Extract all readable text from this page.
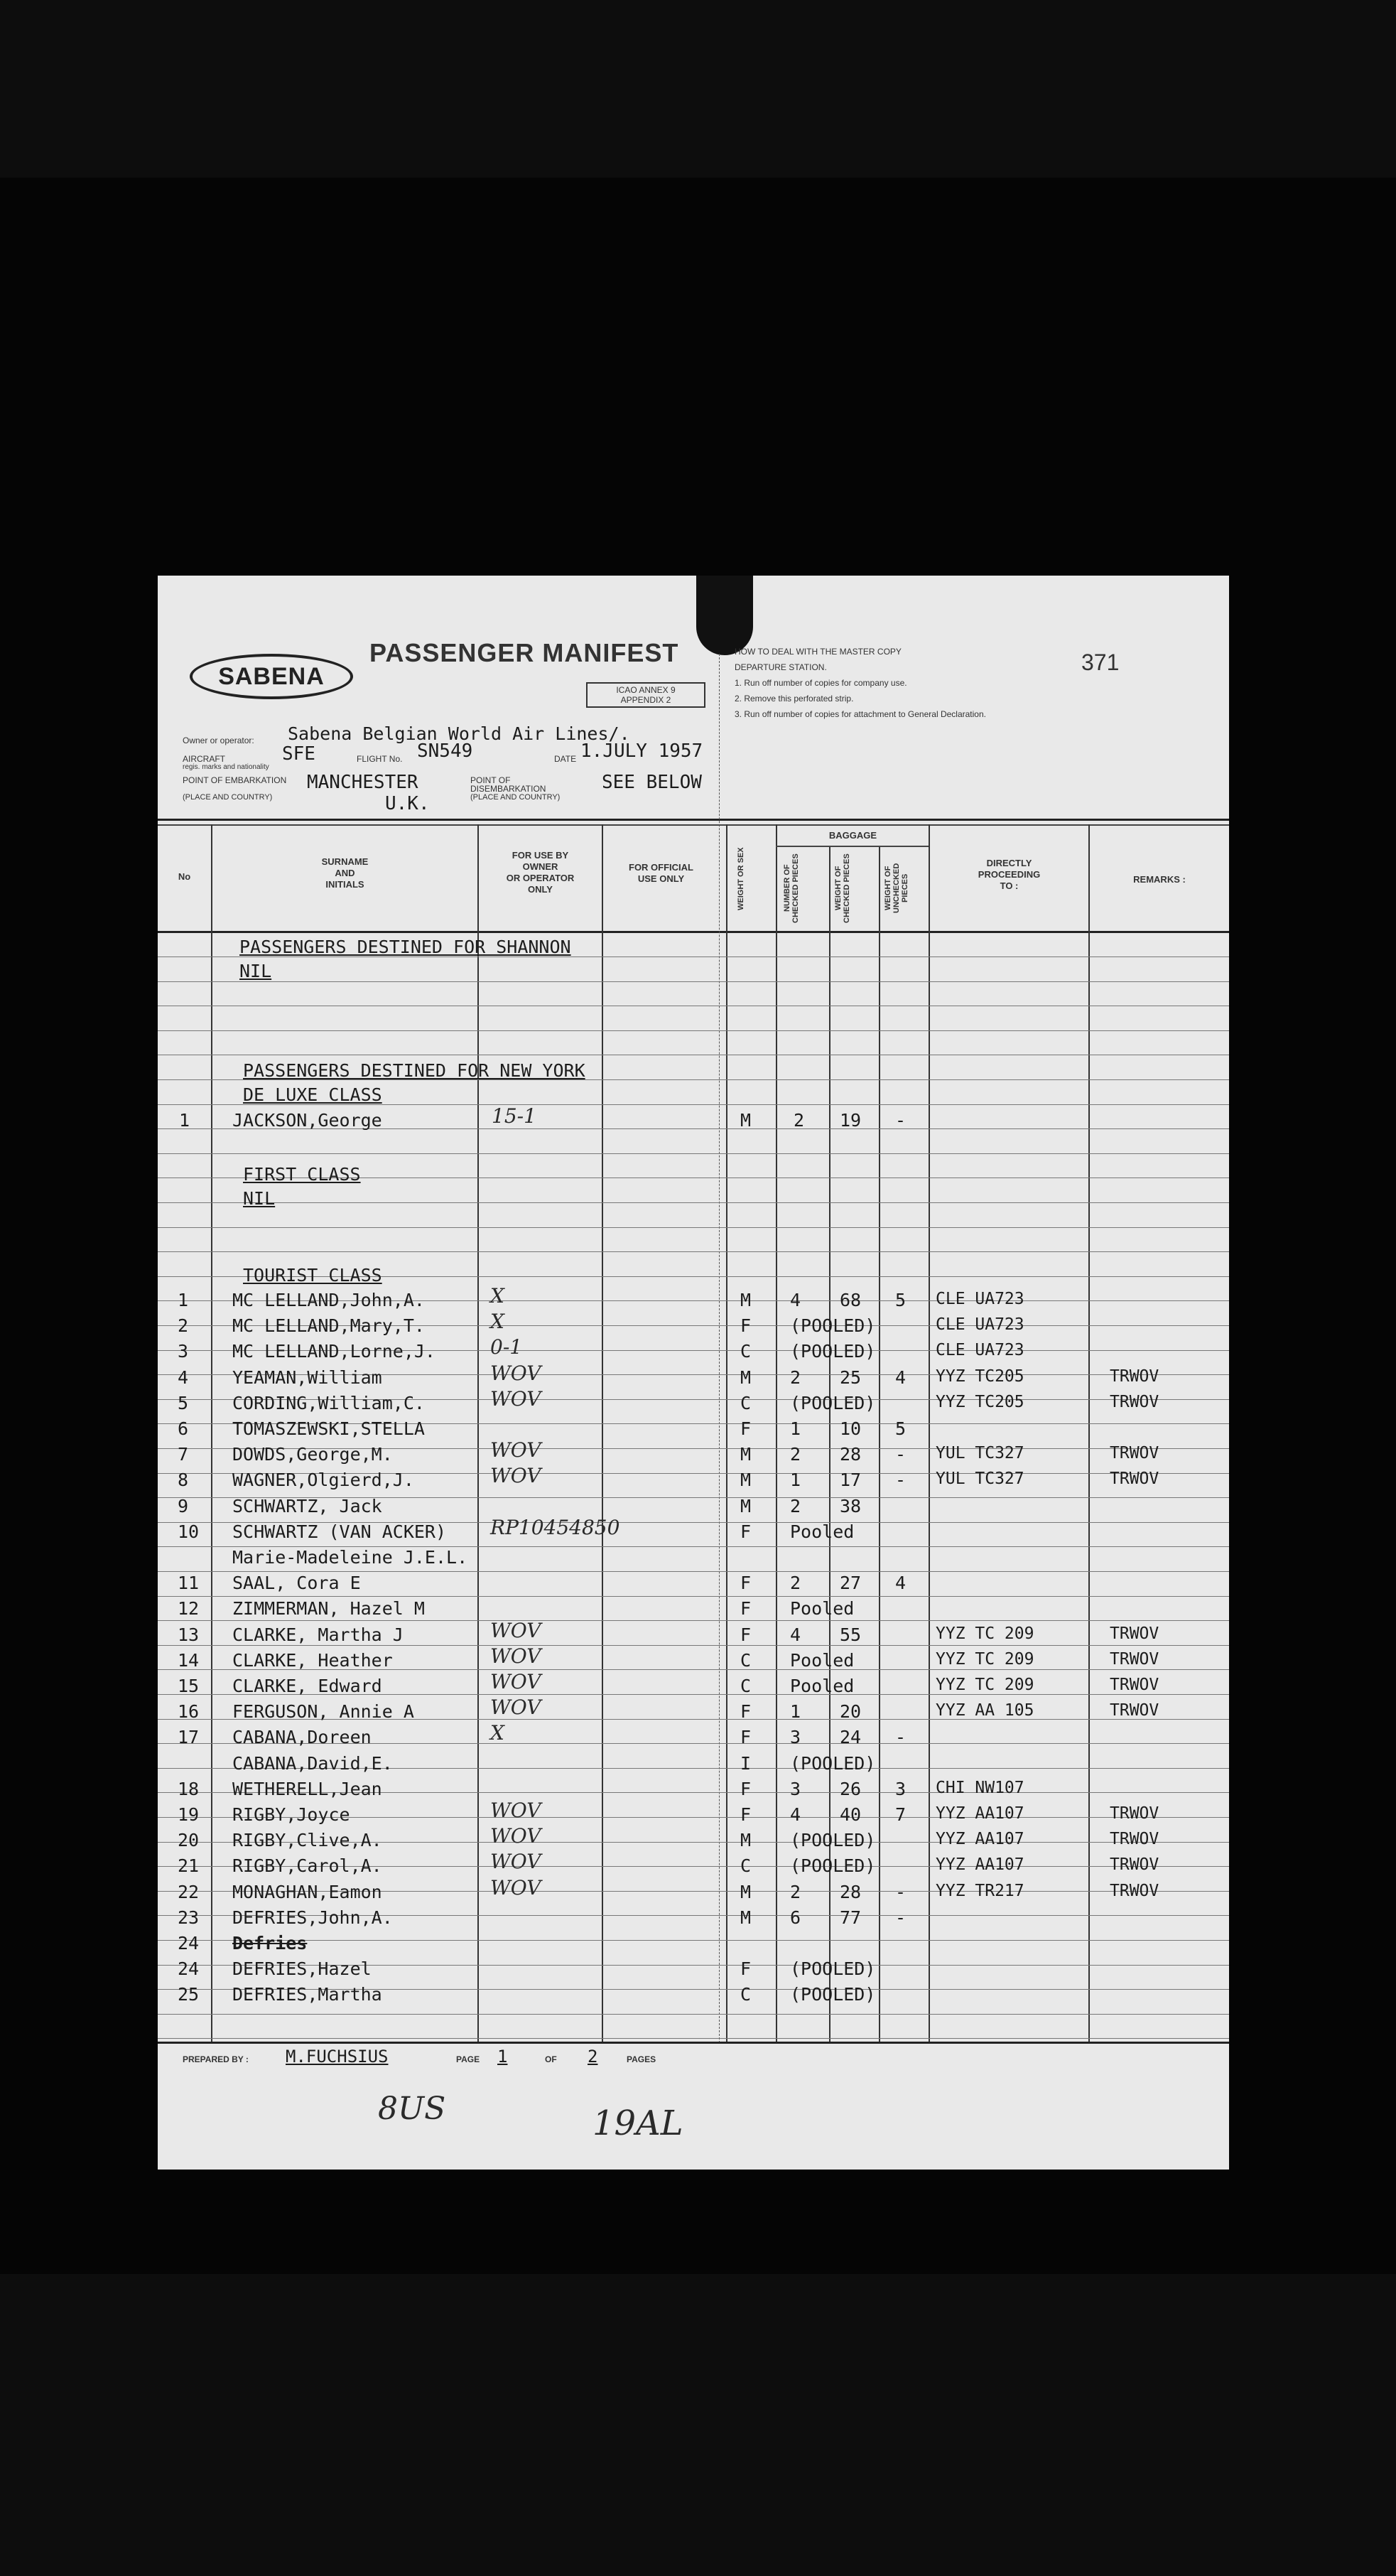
SABENA
PASSENGER MANIFEST
ICAO ANNEX 9
APPENDIX 2
HOW TO DEAL WITH THE MASTER COPY
DEPARTURE STATION.
1. Run off number of copies for company use.
2. Remove this perforated strip.
3. Run off number of copies for attachment to General Declaration.
371
Owner or operator: Sabena Belgian World Air Lines/.
AIRCRAFT
regis. marks and nationality
SFE	FLIGHT No. SN549	DATE 1.JULY 1957
POINT OF EMBARKATION
(PLACE AND COUNTRY)
MANCHESTER
U.K.
POINT OF DISEMBARKATION
(PLACE AND COUNTRY)
SEE BELOW
No
SURNAME
AND
INITIALS
FOR USE BY
OWNER
OR OPERATOR
ONLY
FOR OFFICIAL
USE ONLY	WEIGHT OR SEX
BAGGAGE
NUMBER OF CHECKED PIECES	WEIGHT OF CHECKED PIECES	WEIGHT OF UNCHECKED PIECES
DIRECTLY
PROCEEDING
TO :
REMARKS :
PASSENGERS DESTINED FOR SHANNON
NIL
PASSENGERS DESTINED FOR NEW YORK
DE LUXE CLASS
1 JACKSON,George	15-1	M 2 19 -
FIRST CLASS
NIL
TOURIST CLASS
1 MC LELLAND,John,A.	X	M 4 68 5 CLE UA723
2 MC LELLAND,Mary,T.	X	F (POOLED)	CLE UA723
3 MC LELLAND,Lorne,J.	0-1	C (POOLED)	CLE UA723
4 YEAMAN,William	WOV	M 2 25 4 YYZ TC205	TRWOV
5 CORDING,William,C.	WOV	C (POOLED)	YYZ TC205	TRWOV
6 TOMASZEWSKI,STELLA	F 1 10 5
7 DOWDS,George,M.	WOV	M 2 28 - YUL TC327	TRWOV
8 WAGNER,Olgierd,J.	WOV	M 1 17 - YUL TC327	TRWOV
9 SCHWARTZ, Jack	M 2 38
10 SCHWARTZ (VAN ACKER) RP10454850	F Pooled
Marie-Madeleine J.E.L.
11 SAAL, Cora E	F 2 27 4
12 ZIMMERMAN, Hazel M	F Pooled
13 CLARKE, Martha J	WOV	F 4 55	YYZ TC 209	TRWOV
14 CLARKE, Heather	WOV	C Pooled	YYZ TC 209	TRWOV
15 CLARKE, Edward	WOV	C Pooled	YYZ TC 209	TRWOV
16 FERGUSON, Annie A	WOV	F 1 20	YYZ AA 105	TRWOV
17 CABANA,Doreen	X	F 3 24 -
CABANA,David,E.	I (POOLED)
18 WETHERELL,Jean	F 3 26 3 CHI NW107
19 RIGBY,Joyce	WOV	F 4 40 7 YYZ AA107	TRWOV
20 RIGBY,Clive,A.	WOV	M (POOLED)	YYZ AA107	TRWOV
21 RIGBY,Carol,A.	WOV	C (POOLED)	YYZ AA107	TRWOV
22 MONAGHAN,Eamon	WOV	M 2 28 - YYZ TR217	TRWOV
23 DEFRIES,John,A.	M 6 77 -
24 Defries
24 DEFRIES,Hazel	F (POOLED)
25 DEFRIES,Martha	C (POOLED)
PREPARED BY : M.FUCHSIUS	PAGE 1	OF 2	PAGES
8US	19AL
